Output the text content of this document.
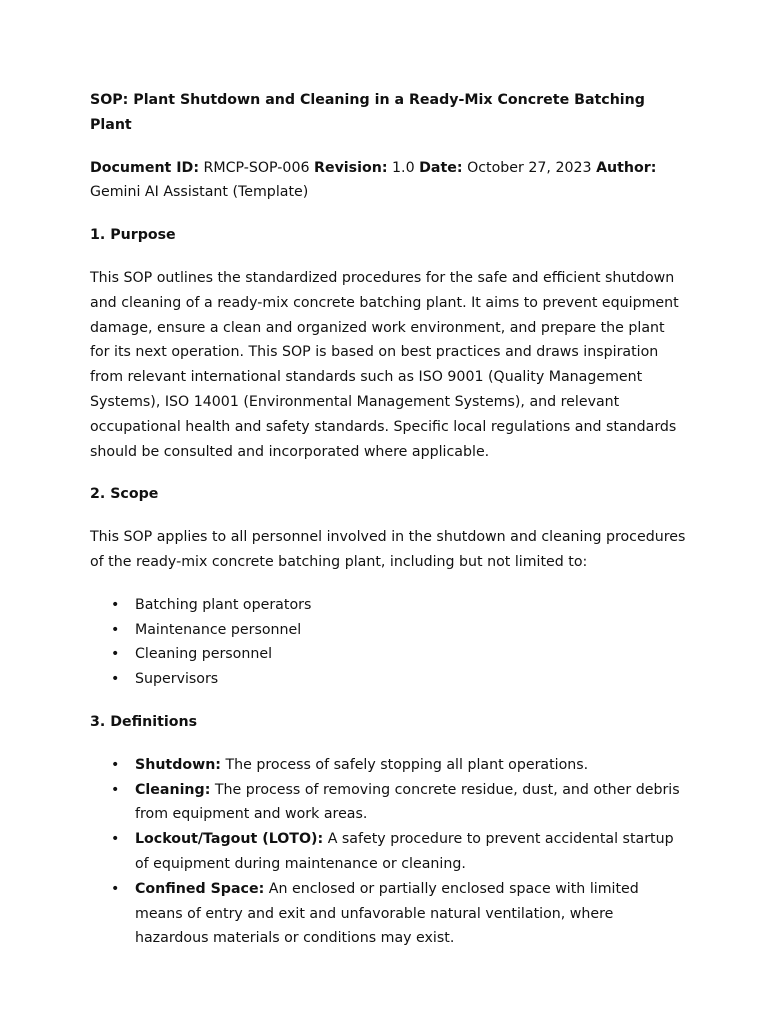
SOP: Plant Shutdown and Cleaning in a Ready-Mix Concrete Batching Plant

Document ID: RMCP-SOP-006 Revision: 1.0 Date: October 27, 2023 Author: Gemini AI Assistant (Template)

1. Purpose

This SOP outlines the standardized procedures for the safe and efficient shutdown and cleaning of a ready-mix concrete batching plant. It aims to prevent equipment damage, ensure a clean and organized work environment, and prepare the plant for its next operation. This SOP is based on best practices and draws inspiration from relevant international standards such as ISO 9001 (Quality Management Systems), ISO 14001 (Environmental Management Systems), and relevant occupational health and safety standards. Specific local regulations and standards should be consulted and incorporated where applicable.

2. Scope

This SOP applies to all personnel involved in the shutdown and cleaning procedures of the ready-mix concrete batching plant, including but not limited to:

• Batching plant operators
• Maintenance personnel
• Cleaning personnel
• Supervisors

3. Definitions

• Shutdown: The process of safely stopping all plant operations.
• Cleaning: The process of removing concrete residue, dust, and other debris from equipment and work areas.
• Lockout/Tagout (LOTO): A safety procedure to prevent accidental startup of equipment during maintenance or cleaning.
• Confined Space: An enclosed or partially enclosed space with limited means of entry and exit and unfavorable natural ventilation, where hazardous materials or conditions may exist.
